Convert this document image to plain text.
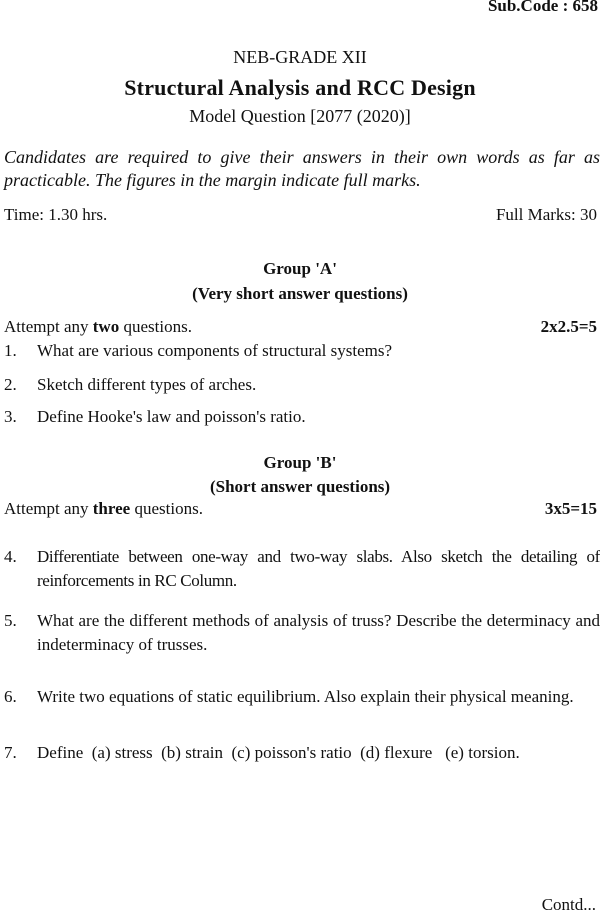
Sub.Code : 658
NEB-GRADE XII
Structural Analysis and RCC Design
Model Question [2077 (2020)]
Candidates are required to give their answers in their own words as far as practicable. The figures in the margin indicate full marks.
Time: 1.30 hrs.	Full Marks: 30
Group 'A'
(Very short answer questions)
Attempt any two questions.	2x2.5=5
1. What are various components of structural systems?
2. Sketch different types of arches.
3. Define Hooke's law and poisson's ratio.
Group 'B'
(Short answer questions)
Attempt any three questions.	3x5=15
4. Differentiate between one-way and two-way slabs. Also sketch the detailing of reinforcements in RC Column.
5. What are the different methods of analysis of truss? Describe the determinacy and indeterminacy of trusses.
6. Write two equations of static equilibrium. Also explain their physical meaning.
7. Define  (a) stress  (b) strain  (c) poisson's ratio  (d) flexure   (e) torsion.
Contd...
